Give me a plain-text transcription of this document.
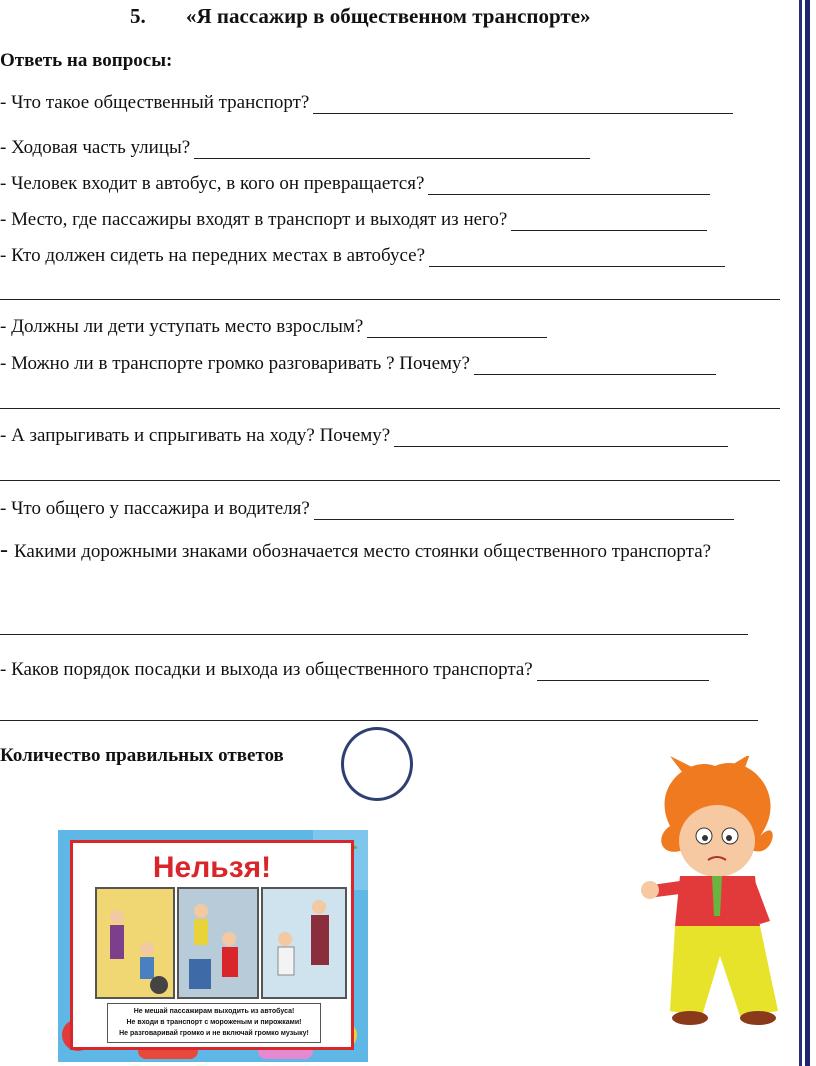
5. «Я пассажир в общественном транспорте»
Ответь на вопросы:
- Что такое общественный транспорт?
- Ходовая часть улицы?
- Человек входит в автобус, в кого он превращается?
- Место, где пассажиры входят в транспорт и выходят из него?
- Кто должен сидеть на передних местах в автобусе?
- Должны ли дети уступать место взрослым?
- Можно ли в транспорте громко разговаривать ? Почему?
- А запрыгивать и спрыгивать на ходу? Почему?
- Что общего у пассажира и водителя?
- Какими дорожными знаками обозначается место стоянки общественного транспорта?
- Каков порядок посадки и выхода из общественного транспорта?
Количество правильных ответов
Нельзя!
Не мешай пассажирам выходить из автобуса!
Не входи в транспорт с мороженым и пирожками!
Не разговаривай громко и не включай громко музыку!
